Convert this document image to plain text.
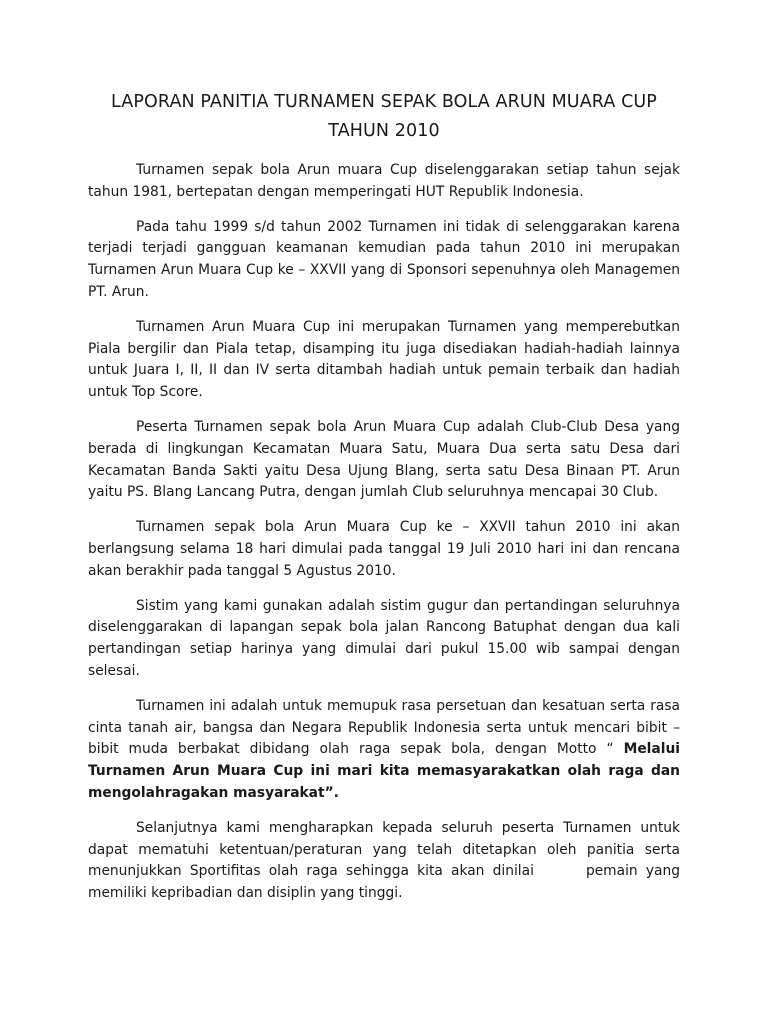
LAPORAN PANITIA TURNAMEN SEPAK BOLA ARUN MUARA CUP
TAHUN 2010

Turnamen sepak bola Arun muara Cup diselenggarakan setiap tahun sejak tahun 1981, bertepatan dengan memperingati HUT Republik Indonesia.

Pada tahu 1999 s/d tahun 2002 Turnamen ini tidak di selenggarakan karena terjadi terjadi gangguan keamanan kemudian pada tahun 2010 ini merupakan Turnamen Arun Muara Cup ke – XXVII yang di Sponsori sepenuhnya oleh Managemen PT. Arun.

Turnamen Arun Muara Cup ini merupakan Turnamen yang memperebutkan Piala bergilir dan Piala tetap, disamping itu juga disediakan hadiah-hadiah lainnya untuk Juara I, II, II dan IV serta ditambah hadiah untuk pemain terbaik dan hadiah untuk Top Score.

Peserta Turnamen sepak bola Arun Muara Cup adalah Club-Club Desa yang berada di lingkungan Kecamatan Muara Satu, Muara Dua serta satu Desa dari Kecamatan Banda Sakti yaitu Desa Ujung Blang, serta satu Desa Binaan PT. Arun yaitu PS. Blang Lancang Putra, dengan jumlah Club seluruhnya mencapai 30 Club.

Turnamen sepak bola Arun Muara Cup ke – XXVII tahun 2010 ini akan berlangsung selama 18 hari dimulai pada tanggal 19 Juli 2010 hari ini dan rencana akan berakhir pada tanggal 5 Agustus 2010.

Sistim yang kami gunakan adalah sistim gugur dan pertandingan seluruhnya diselenggarakan di lapangan sepak bola jalan Rancong Batuphat dengan dua kali pertandingan setiap harinya yang dimulai dari pukul 15.00 wib sampai dengan selesai.

Turnamen ini adalah untuk memupuk rasa persetuan dan kesatuan serta rasa cinta tanah air, bangsa dan Negara Republik Indonesia serta untuk mencari bibit – bibit muda berbakat dibidang olah raga sepak bola, dengan Motto “ Melalui Turnamen Arun Muara Cup ini mari kita memasyarakatkan olah raga dan mengolahragakan masyarakat”.

Selanjutnya kami mengharapkan kepada seluruh peserta Turnamen untuk dapat mematuhi ketentuan/peraturan yang telah ditetapkan oleh panitia serta menunjukkan Sportifitas olah raga sehingga kita akan dinilai	pemain yang memiliki kepribadian dan disiplin yang tinggi.
